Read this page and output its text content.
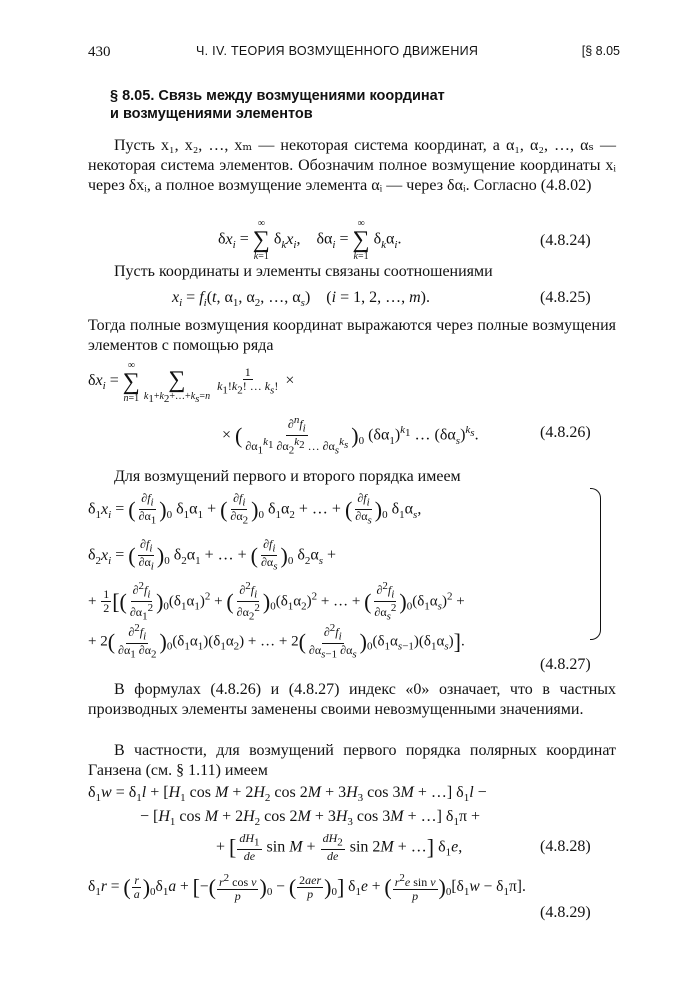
430	Ч. IV. ТЕОРИЯ ВОЗМУЩЕННОГО ДВИЖЕНИЯ	[§ 8.05
§ 8.05. Связь между возмущениями координат
и возмущениями элементов
Пусть x₁, x₂, …, xₘ — некоторая система координат, а α₁, α₂, …, αₛ — некоторая система элементов. Обозначим полное возмущение координаты xᵢ через δxᵢ, а полное возмущение элемента αᵢ — через δαᵢ. Согласно (4.8.02)
$\delta x_i$ =
∞
∑
k=1
$\delta_kx_i$,    $\delta\alpha_i$ =
∞
∑
k=1
$\delta_k\alpha_i$.	(4.8.24)
Пусть координаты и элементы связаны соотношениями
$x_i = f_i(t$, $\alpha_1$, $\alpha_2$, …, $\alpha_s$)    (i = 1, 2, …, m).	(4.8.25)
Тогда полные возмущения координат выражаются через полные возмущения элементов с помощью ряда
$\delta x_i$ =
∞
∑
n=1

∑
$k_1+k_2+\dots+k_s=n$
$\frac{1}{k_1!k_2! \dots k_s!}$ ×
× ( $\frac{\partial^nf_i}{\partial\alpha_1^{k_1} \partial\alpha_2^{k_2} \dots \partial\alpha_s^{k_s}} )_0$ $(\delta\alpha_1)^{k_1}$ … $(\delta\alpha_s)^{k_s}$.	(4.8.26)
Для возмущений первого и второго порядка имеем
$\delta_1x_i$ = ( $\frac{\partial f_i}{\partial\alpha_1} )_0$ $\delta_1\alpha_1$ + ( $\frac{\partial f_i}{\partial\alpha_2} )_0$ $\delta_1\alpha_2$ + … + ( $\frac{\partial f_i}{\partial\alpha_s} )_0$ $\delta_1\alpha_s$,
$\delta_2x_i$ = ( $\frac{\partial f_i}{\partial\alpha_i} )_0$ $\delta_2\alpha_1$ + … + ( $\frac{\partial f_i}{\partial\alpha_s} )_0$ $\delta_2\alpha_s$ +
+ $\frac{1}{2}$ [( $\frac{\partial^2f_i}{\partial\alpha_1^2} )_0(\delta_1\alpha_1)^2$ + ( $\frac{\partial^2f_i}{\partial\alpha_2^2} )_0(\delta_1\alpha_2)^2$ + … + ( $\frac{\partial^2f_i}{\partial\alpha_s^2} )_0(\delta_1\alpha_s)^2$ +
+ $2( \frac{\partial^2f_i}{\partial\alpha_1 \partial\alpha_2} )_0(\delta_1\alpha_1)(\delta_1\alpha_2)$ + … + $2( \frac{\partial^2f_i}{\partial\alpha_{s-1} \partial\alpha_s} )_0(\delta_1\alpha_{s-1})(\delta_1\alpha_s)$].
(4.8.27)
В формулах (4.8.26) и (4.8.27) индекс «0» означает, что в частных производных элементы заменены своими невозмущенными значениями.
В частности, для возмущений первого порядка полярных координат Ганзена (см. § 1.11) имеем
$\delta_1w = \delta_1l + [H_1$ $\cos M + 2H_2$ $\cos 2M + 3H_3$ cos 3M + …] $\delta_1l$ −
− [$H_1$ $\cos M + 2H_2$ $\cos 2M + 3H_3$ cos 3M + …] $\delta_1\pi$ +
+ [ $\frac{dH_1}{de}$ $\sin M + \frac{dH_2}{de}$ sin 2M + …] $\delta_1e$,	(4.8.28)
$\delta_1r$ = ( $\frac{r}{a} )_0\delta_1a$ + [−( $\frac{r^2 \cos v}{p} )_0$ − ( $\frac{\text{2aer}}{p} )_0$] $\delta_1e$ + ( $\frac{r^2e \sin v}{p} )_0[\delta_1w - \delta_1\pi]$.
(4.8.29)
